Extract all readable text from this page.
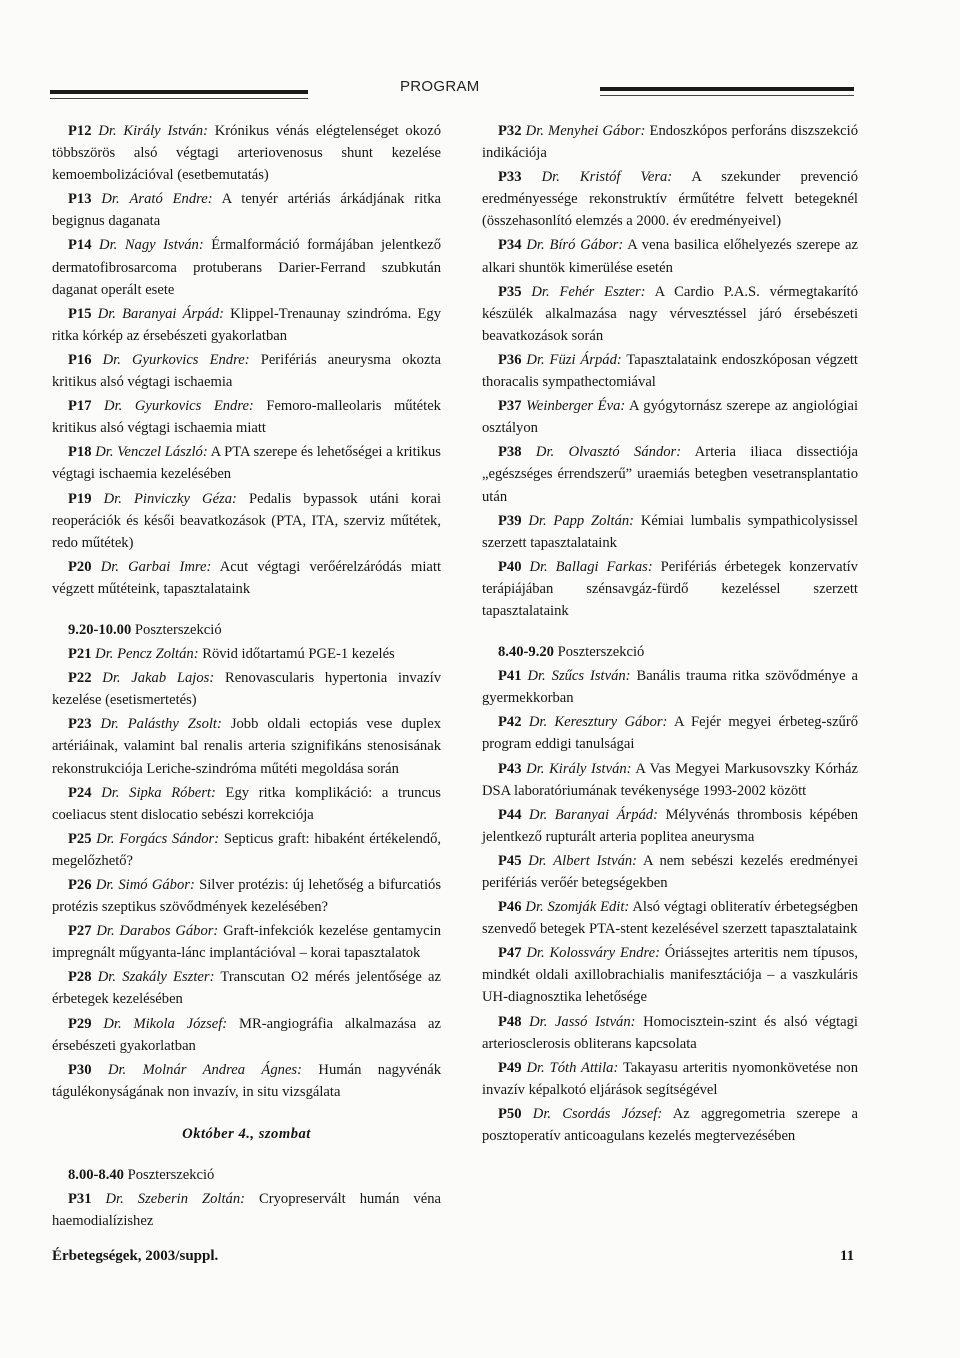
PROGRAM

P12 Dr. Király István: Krónikus vénás elégtelenséget okozó többszörös alsó végtagi arteriovenosus shunt kezelése kemoembolizációval (esetbemutatás)

P13 Dr. Arató Endre: A tenyér artériás árkádjának ritka begignus daganata

P14 Dr. Nagy István: Érmalformáció formájában jelentkező dermatofibrosarcoma protuberans Darier-Ferrand szubkután daganat operált esete

P15 Dr. Baranyai Árpád: Klippel-Trenaunay szindróma. Egy ritka kórkép az érsebészeti gyakorlatban

P16 Dr. Gyurkovics Endre: Perifériás aneurysma okozta kritikus alsó végtagi ischaemia

P17 Dr. Gyurkovics Endre: Femoro-malleolaris műtétek kritikus alsó végtagi ischaemia miatt

P18 Dr. Venczel László: A PTA szerepe és lehetőségei a kritikus végtagi ischaemia kezelésében

P19 Dr. Pinviczky Géza: Pedalis bypassok utáni korai reoperációk és késői beavatkozások (PTA, ITA, szerviz műtétek, redo műtétek)

P20 Dr. Garbai Imre: Acut végtagi verőérelzáródás miatt végzett műtéteink, tapasztalataink

9.20-10.00 Poszterszekció

P21 Dr. Pencz Zoltán: Rövid időtartamú PGE-1 kezelés

P22 Dr. Jakab Lajos: Renovascularis hypertonia invazív kezelése (esetismertetés)

P23 Dr. Palásthy Zsolt: Jobb oldali ectopiás vese duplex artériáinak, valamint bal renalis arteria szignifikáns stenosisának rekonstrukciója Leriche-szindróma műtéti megoldása során

P24 Dr. Sipka Róbert: Egy ritka komplikáció: a truncus coeliacus stent dislocatio sebészi korrekciója

P25 Dr. Forgács Sándor: Septicus graft: hibaként értékelendő, megelőzhető?

P26 Dr. Simó Gábor: Silver protézis: új lehetőség a bifurcatiós protézis szeptikus szövődmények kezelésében?

P27 Dr. Darabos Gábor: Graft-infekciók kezelése gentamycin impregnált műgyanta-lánc implantációval – korai tapasztalatok

P28 Dr. Szakály Eszter: Transcutan O2 mérés jelentősége az érbetegek kezelésében

P29 Dr. Mikola József: MR-angiográfia alkalmazása az érsebészeti gyakorlatban

P30 Dr. Molnár Andrea Ágnes: Humán nagyvénák tágulékonyságának non invazív, in situ vizsgálata

Október 4., szombat

8.00-8.40 Poszterszekció

P31 Dr. Szeberin Zoltán: Cryopreservált humán véna haemodialízishez

P32 Dr. Menyhei Gábor: Endoszkópos perforáns diszszekció indikációja

P33 Dr. Kristóf Vera: A szekunder prevenció eredményessége rekonstruktív érműtétre felvett betegeknél (összehasonlító elemzés a 2000. év eredményeivel)

P34 Dr. Bíró Gábor: A vena basilica előhelyezés szerepe az alkari shuntök kimerülése esetén

P35 Dr. Fehér Eszter: A Cardio P.A.S. vérmegtakarító készülék alkalmazása nagy vérvesztéssel járó érsebészeti beavatkozások során

P36 Dr. Füzi Árpád: Tapasztalataink endoszkóposan végzett thoracalis sympathectomiával

P37 Weinberger Éva: A gyógytornász szerepe az angiológiai osztályon

P38 Dr. Olvasztó Sándor: Arteria iliaca dissectiója „egészséges érrendszerű” uraemiás betegben vesetransplantatio után

P39 Dr. Papp Zoltán: Kémiai lumbalis sympathicolysissel szerzett tapasztalataink

P40 Dr. Ballagi Farkas: Perifériás érbetegek konzervatív terápiájában szénsavgáz-fürdő kezeléssel szerzett tapasztalataink

8.40-9.20 Poszterszekció

P41 Dr. Szűcs István: Banális trauma ritka szövődménye a gyermekkorban

P42 Dr. Keresztury Gábor: A Fejér megyei érbeteg-szűrő program eddigi tanulságai

P43 Dr. Király István: A Vas Megyei Markusovszky Kórház DSA laboratóriumának tevékenysége 1993-2002 között

P44 Dr. Baranyai Árpád: Mélyvénás thrombosis képében jelentkező rupturált arteria poplitea aneurysma

P45 Dr. Albert István: A nem sebészi kezelés eredményei perifériás verőér betegségekben

P46 Dr. Szomják Edit: Alsó végtagi obliteratív érbetegségben szenvedő betegek PTA-stent kezelésével szerzett tapasztalataink

P47 Dr. Kolossváry Endre: Óriássejtes arteritis nem típusos, mindkét oldali axillobrachialis manifesztációja – a vaszkuláris UH-diagnosztika lehetősége

P48 Dr. Jassó István: Homocisztein-szint és alsó végtagi arteriosclerosis obliterans kapcsolata

P49 Dr. Tóth Attila: Takayasu arteritis nyomonkövetése non invazív képalkotó eljárások segítségével

P50 Dr. Csordás József: Az aggregometria szerepe a posztoperatív anticoagulans kezelés megtervezésében

Érbetegségek, 2003/suppl.	11
